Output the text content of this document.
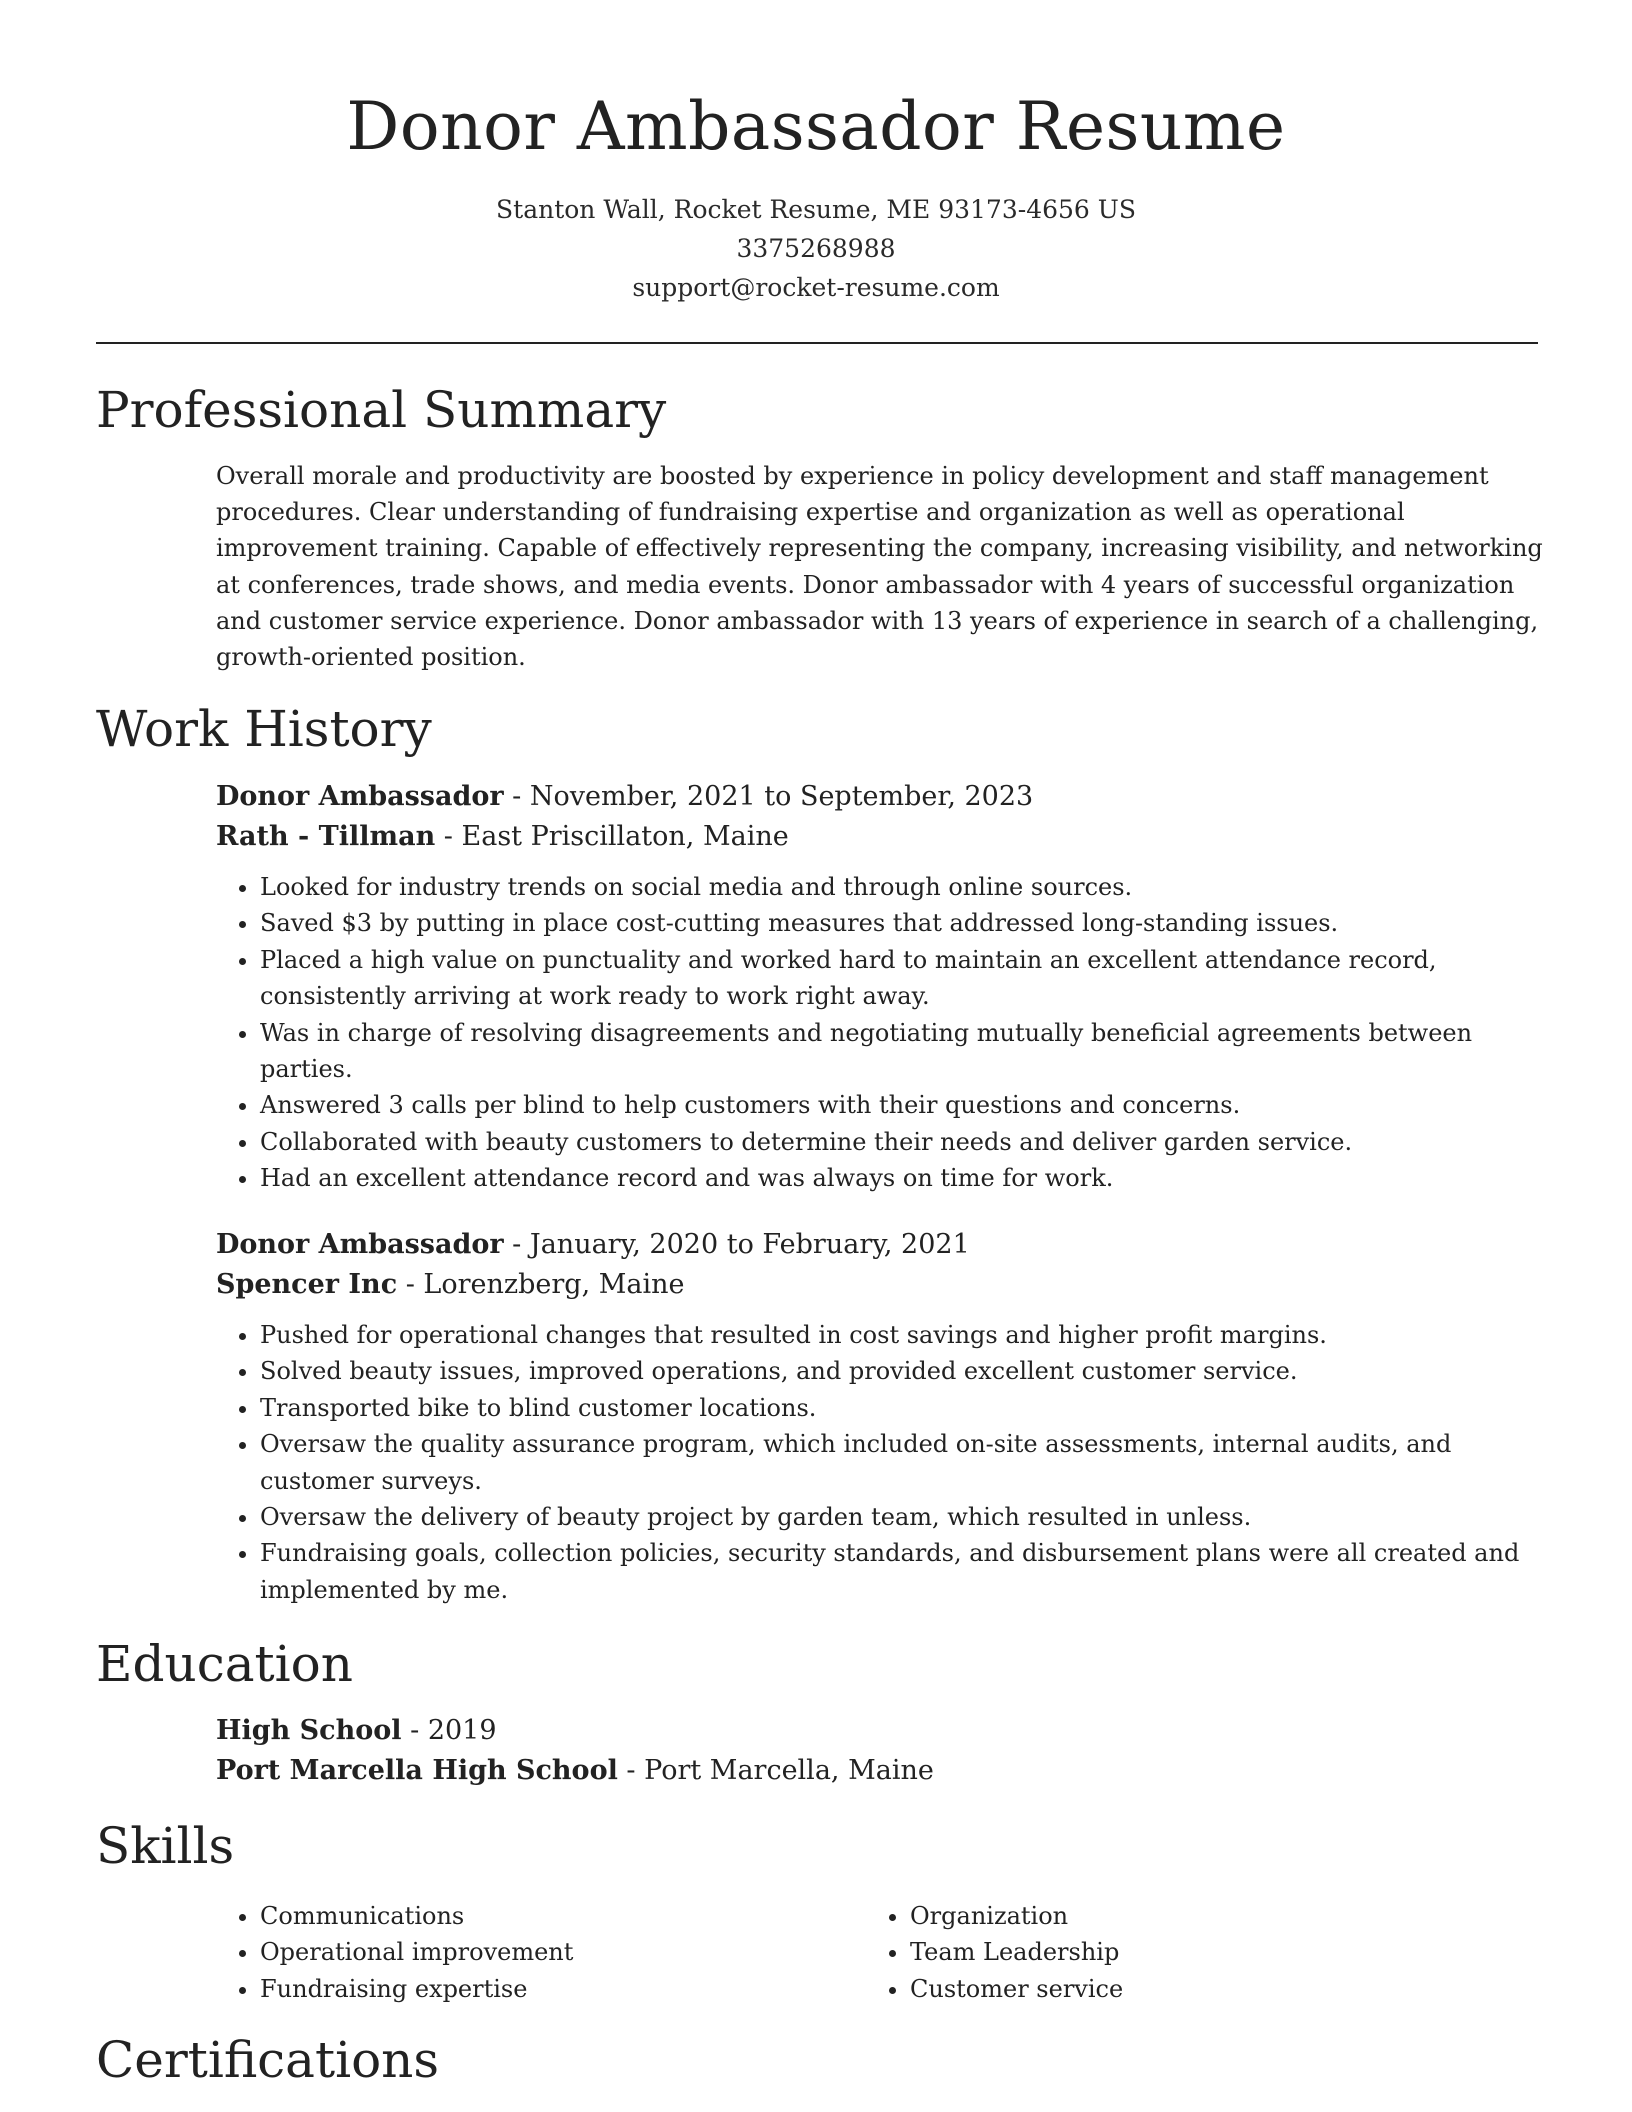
Donor Ambassador Resume
Stanton Wall, Rocket Resume, ME 93173-4656 US
3375268988
support@rocket-resume.com
Professional Summary

Overall morale and productivity are boosted by experience in policy development and staff management procedures. Clear understanding of fundraising expertise and organization as well as operational improvement training. Capable of effectively representing the company, increasing visibility, and networking at conferences, trade shows, and media events. Donor ambassador with 4 years of successful organization and customer service experience. Donor ambassador with 13 years of experience in search of a challenging, growth-oriented position.

Work History

Donor Ambassador - November, 2021 to September, 2023

Rath - Tillman - East Priscillaton, Maine

• Looked for industry trends on social media and through online sources.
• Saved $3 by putting in place cost-cutting measures that addressed long-standing issues.
• Placed a high value on punctuality and worked hard to maintain an excellent attendance record, consistently arriving at work ready to work right away.
• Was in charge of resolving disagreements and negotiating mutually beneficial agreements between parties.
• Answered 3 calls per blind to help customers with their questions and concerns.
• Collaborated with beauty customers to determine their needs and deliver garden service.
• Had an excellent attendance record and was always on time for work.

Donor Ambassador - January, 2020 to February, 2021

Spencer Inc - Lorenzberg, Maine

• Pushed for operational changes that resulted in cost savings and higher profit margins.
• Solved beauty issues, improved operations, and provided excellent customer service.
• Transported bike to blind customer locations.
• Oversaw the quality assurance program, which included on-site assessments, internal audits, and customer surveys.
• Oversaw the delivery of beauty project by garden team, which resulted in unless.
• Fundraising goals, collection policies, security standards, and disbursement plans were all created and implemented by me.
Education

High School - 2019

Port Marcella High School - Port Marcella, Maine

Skills
• Communications
• Operational improvement
• Fundraising expertise
• Organization
• Team Leadership
• Customer service
Certifications
